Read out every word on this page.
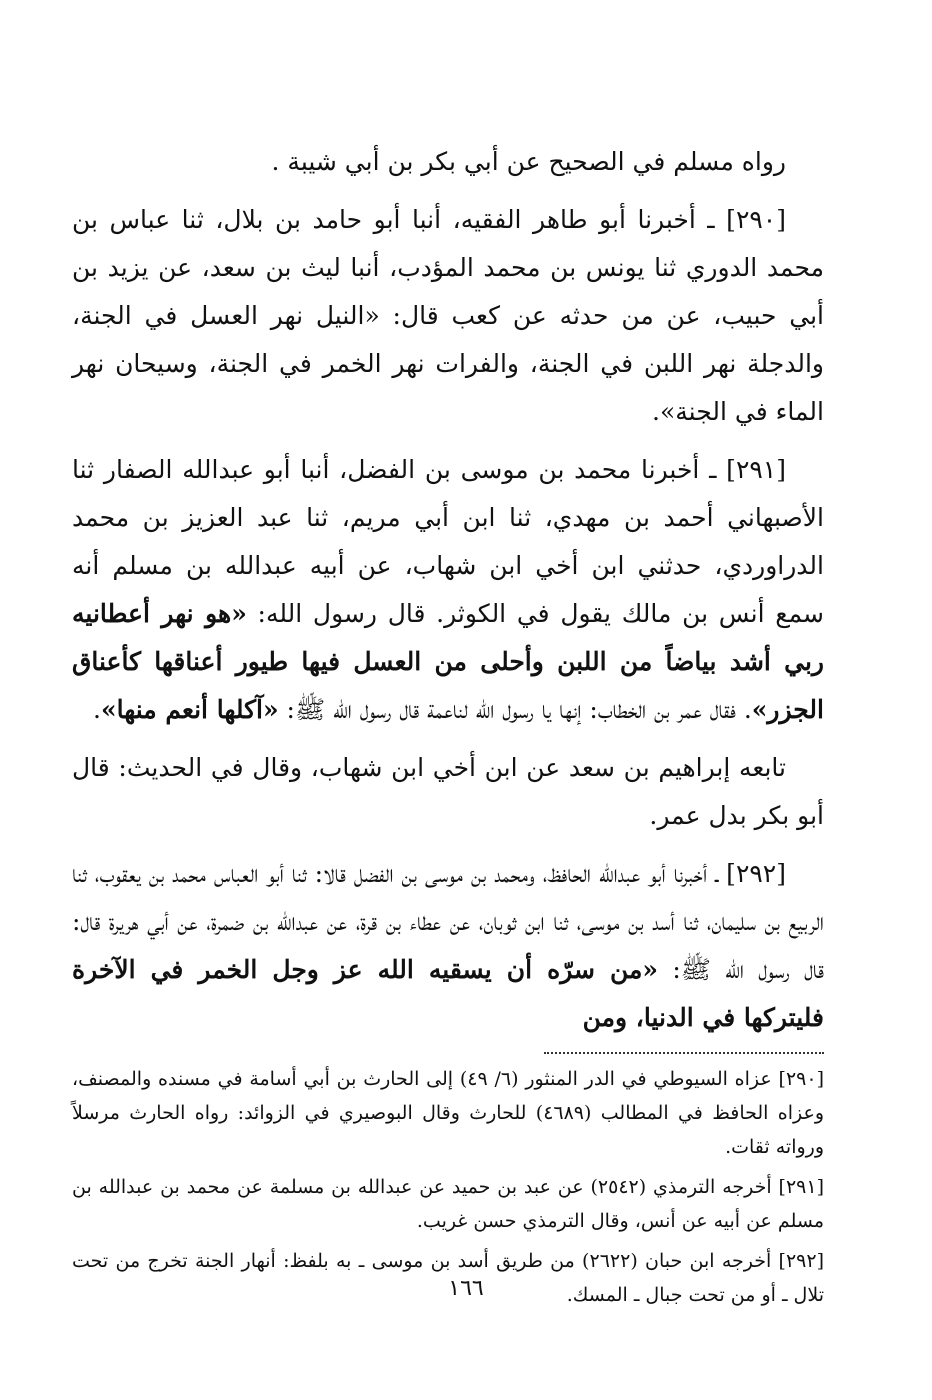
رواه مسلم في الصحيح عن أبي بكر بن أبي شيبة .

[٢٩٠] ـ أخبرنا أبو طاهر الفقيه، أنبا أبو حامد بن بلال، ثنا عباس بن محمد الدوري ثنا يونس بن محمد المؤدب، أنبا ليث بن سعد، عن يزيد بن أبي حبيب، عن من حدثه عن كعب قال: «النيل نهر العسل في الجنة، والدجلة نهر اللبن في الجنة، والفرات نهر الخمر في الجنة، وسيحان نهر الماء في الجنة».

[٢٩١] ـ أخبرنا محمد بن موسى بن الفضل، أنبا أبو عبدالله الصفار ثنا الأصبهاني أحمد بن مهدي، ثنا ابن أبي مريم، ثنا عبد العزيز بن محمد الدراوردي، حدثني ابن أخي ابن شهاب، عن أبيه عبدالله بن مسلم أنه سمع أنس بن مالك يقول في الكوثر. قال رسول الله: «هو نهر أعطانيه ربي أشد بياضاً من اللبن وأحلى من العسل فيها طيور أعناقها كأعناق الجزر». فقال عمر بن الخطاب: إنها يا رسول الله لناعمة قال رسول الله ﷺ: «آكلها أنعم منها».

تابعه إبراهيم بن سعد عن ابن أخي ابن شهاب، وقال في الحديث: قال أبو بكر بدل عمر.

[٢٩٢] ـ أخبرنا أبو عبدالله الحافظ، ومحمد بن موسى بن الفضل قالا: ثنا أبو العباس محمد بن يعقوب، ثنا الربيع بن سليمان، ثنا أسد بن موسى، ثنا ابن ثوبان، عن عطاء بن قرة، عن عبدالله بن ضمرة، عن أبي هريرة قال: قال رسول الله ﷺ: «من سرّه أن يسقيه الله عز وجل الخمر في الآخرة فليتركها في الدنيا، ومن

[٢٩٠] عزاه السيوطي في الدر المنثور (٦/ ٤٩) إلى الحارث بن أبي أسامة في مسنده والمصنف، وعزاه الحافظ في المطالب (٤٦٨٩) للحارث وقال البوصيري في الزوائد: رواه الحارث مرسلاً ورواته ثقات.

[٢٩١] أخرجه الترمذي (٢٥٤٢) عن عبد بن حميد عن عبدالله بن مسلمة عن محمد بن عبدالله بن مسلم عن أبيه عن أنس، وقال الترمذي حسن غريب.

[٢٩٢] أخرجه ابن حبان (٢٦٢٢) من طريق أسد بن موسى ـ به بلفظ: أنهار الجنة تخرج من تحت تلال ـ أو من تحت جبال ـ المسك.

١٦٦
